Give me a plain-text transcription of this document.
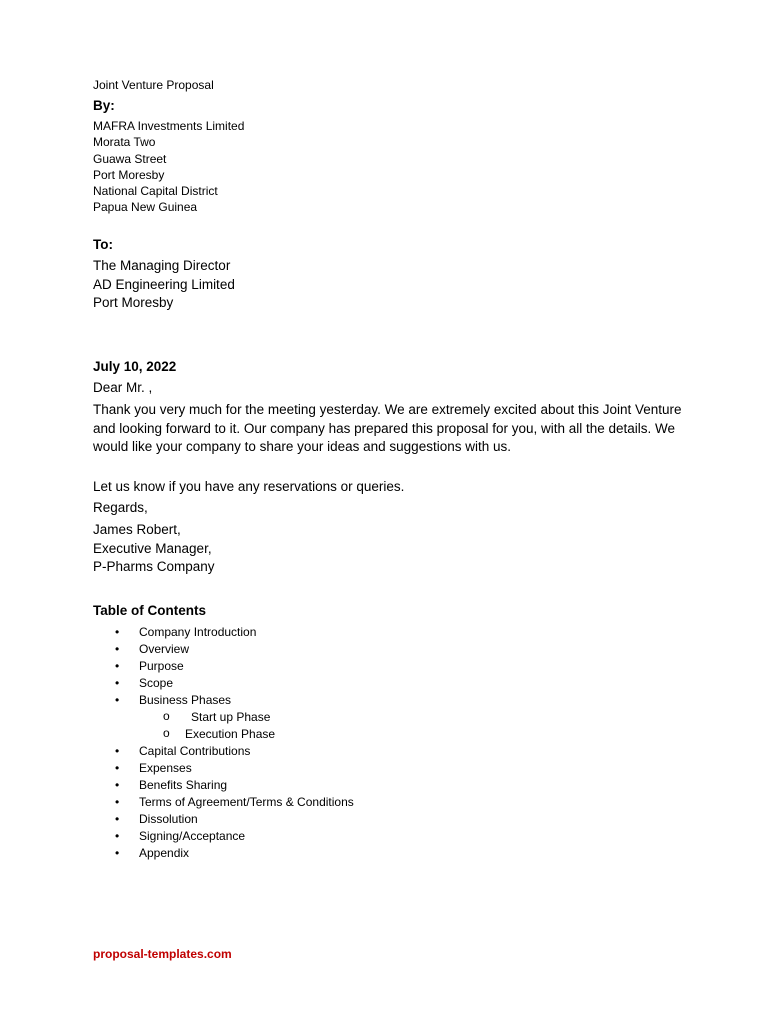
Joint Venture Proposal
By:
MAFRA Investments Limited
Morata Two
Guawa Street
Port Moresby
National Capital District
Papua New Guinea
To:
The Managing Director
AD Engineering Limited
Port Moresby
July 10, 2022
Dear Mr. ,
Thank you very much for the meeting yesterday. We are extremely excited about this Joint Venture and looking forward to it. Our company has prepared this proposal for you, with all the details. We would like your company to share your ideas and suggestions with us.
Let us know if you have any reservations or queries.
Regards,
James Robert,
Executive Manager,
P-Pharms Company
Table of Contents
• Company Introduction
• Overview
• Purpose
• Scope
• Business Phases
o Start up Phase
o Execution Phase
• Capital Contributions
• Expenses
• Benefits Sharing
• Terms of Agreement/Terms & Conditions
• Dissolution
• Signing/Acceptance
• Appendix
proposal-templates.com
